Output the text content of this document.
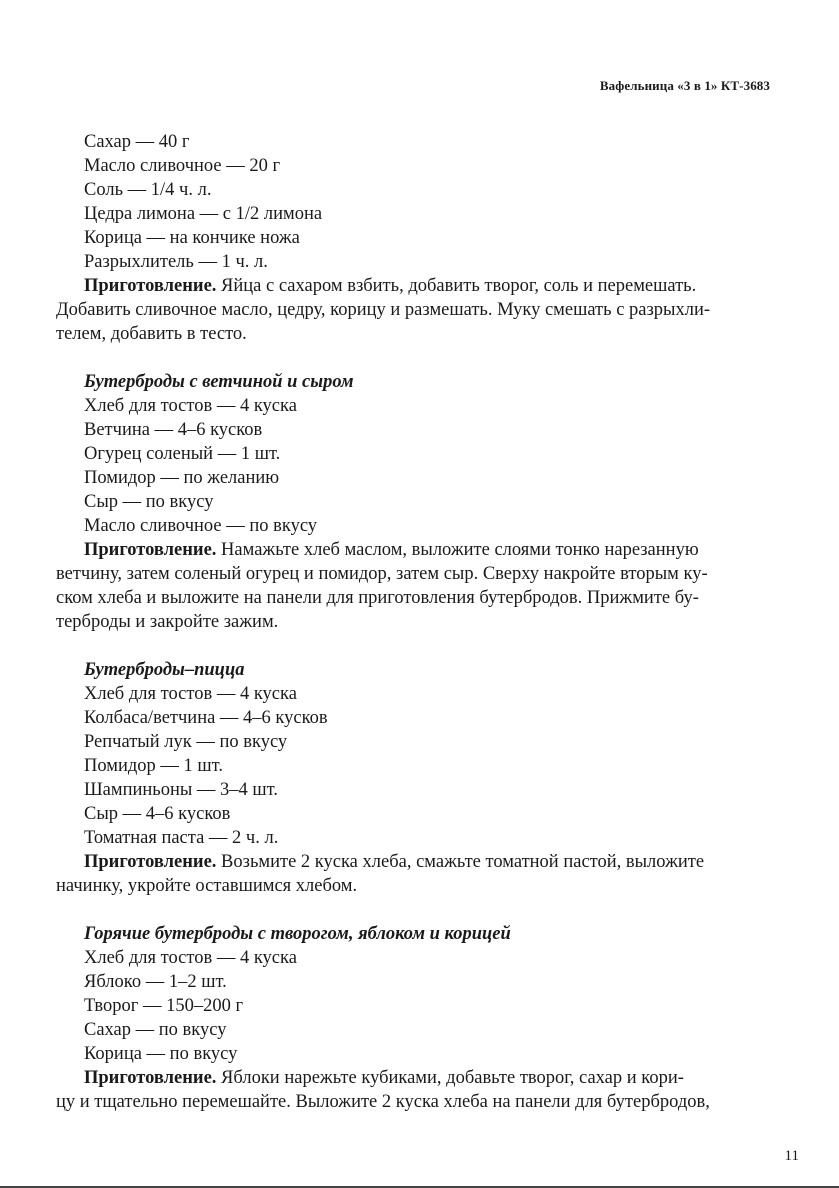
Вафельница «3 в 1» КТ-3683
Сахар — 40 г
Масло сливочное — 20 г
Соль — 1/4 ч. л.
Цедра лимона — с 1/2 лимона
Корица — на кончике ножа
Разрыхлитель — 1 ч. л.

Приготовление. Яйца с сахаром взбить, добавить творог, соль и перемешать.
Добавить сливочное масло, цедру, корицу и размешать. Муку смешать с разрыхли-
телем, добавить в тесто.

Бутерброды с ветчиной и сыром
Хлеб для тостов — 4 куска
Ветчина — 4–6 кусков
Огурец соленый — 1 шт.
Помидор — по желанию
Сыр — по вкусу
Масло сливочное — по вкусу

Приготовление. Намажьте хлеб маслом, выложите слоями тонко нарезанную
ветчину, затем соленый огурец и помидор, затем сыр. Сверху накройте вторым ку-
ском хлеба и выложите на панели для приготовления бутербродов. Прижмите бу-
терброды и закройте зажим.

Бутерброды–пицца
Хлеб для тостов — 4 куска
Колбаса/ветчина — 4–6 кусков
Репчатый лук — по вкусу
Помидор — 1 шт.
Шампиньоны — 3–4 шт.
Сыр — 4–6 кусков
Томатная паста — 2 ч. л.

Приготовление. Возьмите 2 куска хлеба, смажьте томатной пастой, выложите
начинку, укройте оставшимся хлебом.

Горячие бутерброды с творогом, яблоком и корицей
Хлеб для тостов — 4 куска
Яблоко — 1–2 шт.
Творог — 150–200 г
Сахар — по вкусу
Корица — по вкусу

Приготовление. Яблоки нарежьте кубиками, добавьте творог, сахар и кори-
цу и тщательно перемешайте. Выложите 2 куска хлеба на панели для бутербродов,

11
